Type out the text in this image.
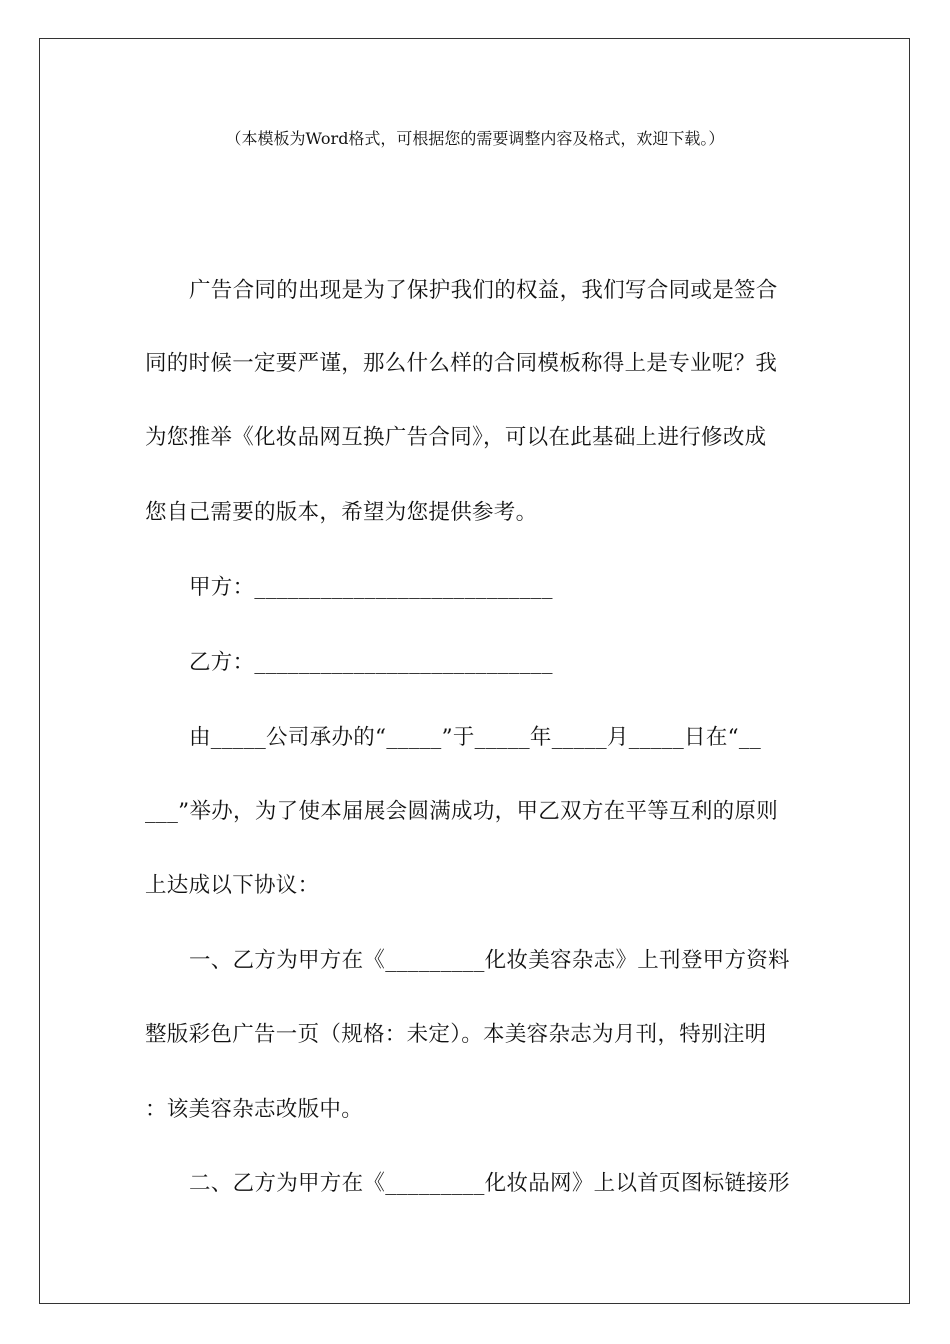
（本模板为Word格式，可根据您的需要调整内容及格式，欢迎下载。）
广告合同的出现是为了保护我们的权益，我们写合同或是签合
同的时候一定要严谨，那么什么样的合同模板称得上是专业呢？我
为您推举《化妆品网互换广告合同》，可以在此基础上进行修改成
您自己需要的版本，希望为您提供参考。
甲方：___________________________
乙方：___________________________
由_____公司承办的“_____”于_____年_____月_____日在“__
___”举办，为了使本届展会圆满成功，甲乙双方在平等互利的原则
上达成以下协议：
一、乙方为甲方在《_________化妆美容杂志》上刊登甲方资料
整版彩色广告一页（规格：未定）。本美容杂志为月刊，特别注明
：该美容杂志改版中。
二、乙方为甲方在《_________化妆品网》上以首页图标链接形
